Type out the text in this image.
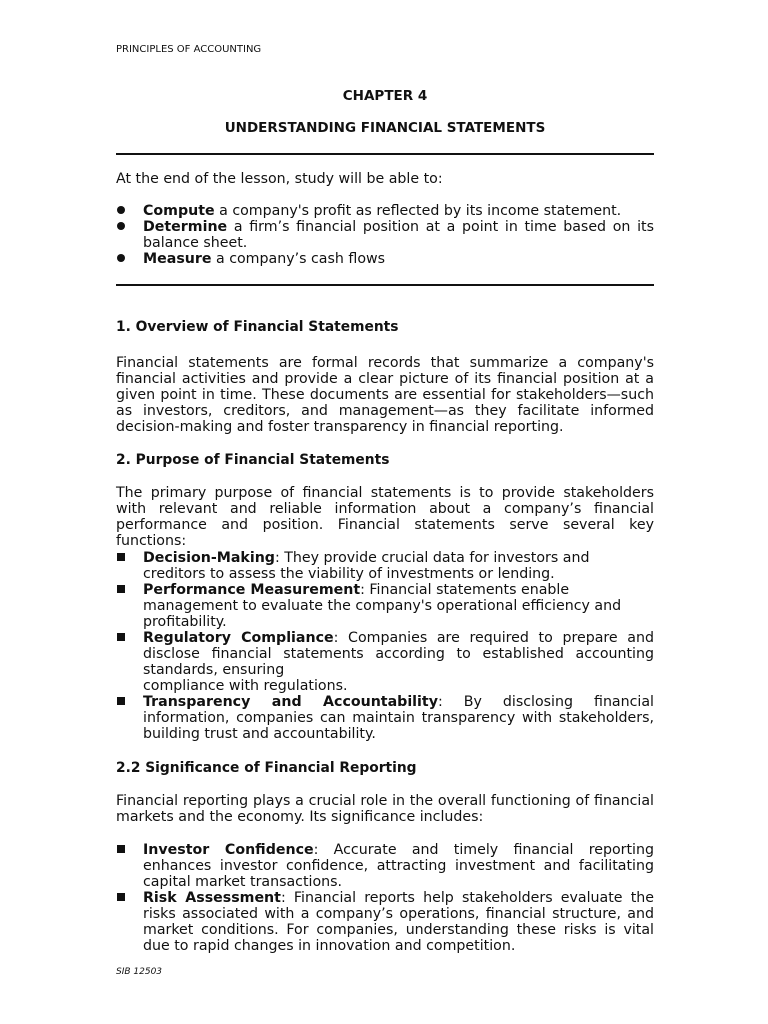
PRINCIPLES OF ACCOUNTING
CHAPTER 4
UNDERSTANDING FINANCIAL STATEMENTS
At the end of the lesson, study will be able to:
Compute a company's profit as reflected by its income statement.
Determine a firm’s financial position at a point in time based on its balance sheet.
Measure a company’s cash flows
1. Overview of Financial Statements
Financial statements are formal records that summarize a company's financial activities and provide a clear picture of its financial position at a given point in time. These documents are essential for stakeholders—such as investors, creditors, and management—as they facilitate informed decision-making and foster transparency in financial reporting.
2. Purpose of Financial Statements
The primary purpose of financial statements is to provide stakeholders with relevant and reliable information about a company’s financial performance and position. Financial statements serve several key functions:
Decision-Making: They provide crucial data for investors and creditors to assess the viability of investments or lending.
Performance Measurement: Financial statements enable management to evaluate the company's operational efficiency and profitability.
Regulatory Compliance: Companies are required to prepare and disclose financial statements according to established accounting standards, ensuring
compliance with regulations.
Transparency and Accountability: By disclosing financial information, companies can maintain transparency with stakeholders, building trust and accountability.
2.2 Significance of Financial Reporting
Financial reporting plays a crucial role in the overall functioning of financial markets and the economy. Its significance includes:
Investor Confidence: Accurate and timely financial reporting enhances investor confidence, attracting investment and facilitating capital market transactions.
Risk Assessment: Financial reports help stakeholders evaluate the risks associated with a company’s operations, financial structure, and market conditions. For companies, understanding these risks is vital due to rapid changes in innovation and competition.
SIB 12503
